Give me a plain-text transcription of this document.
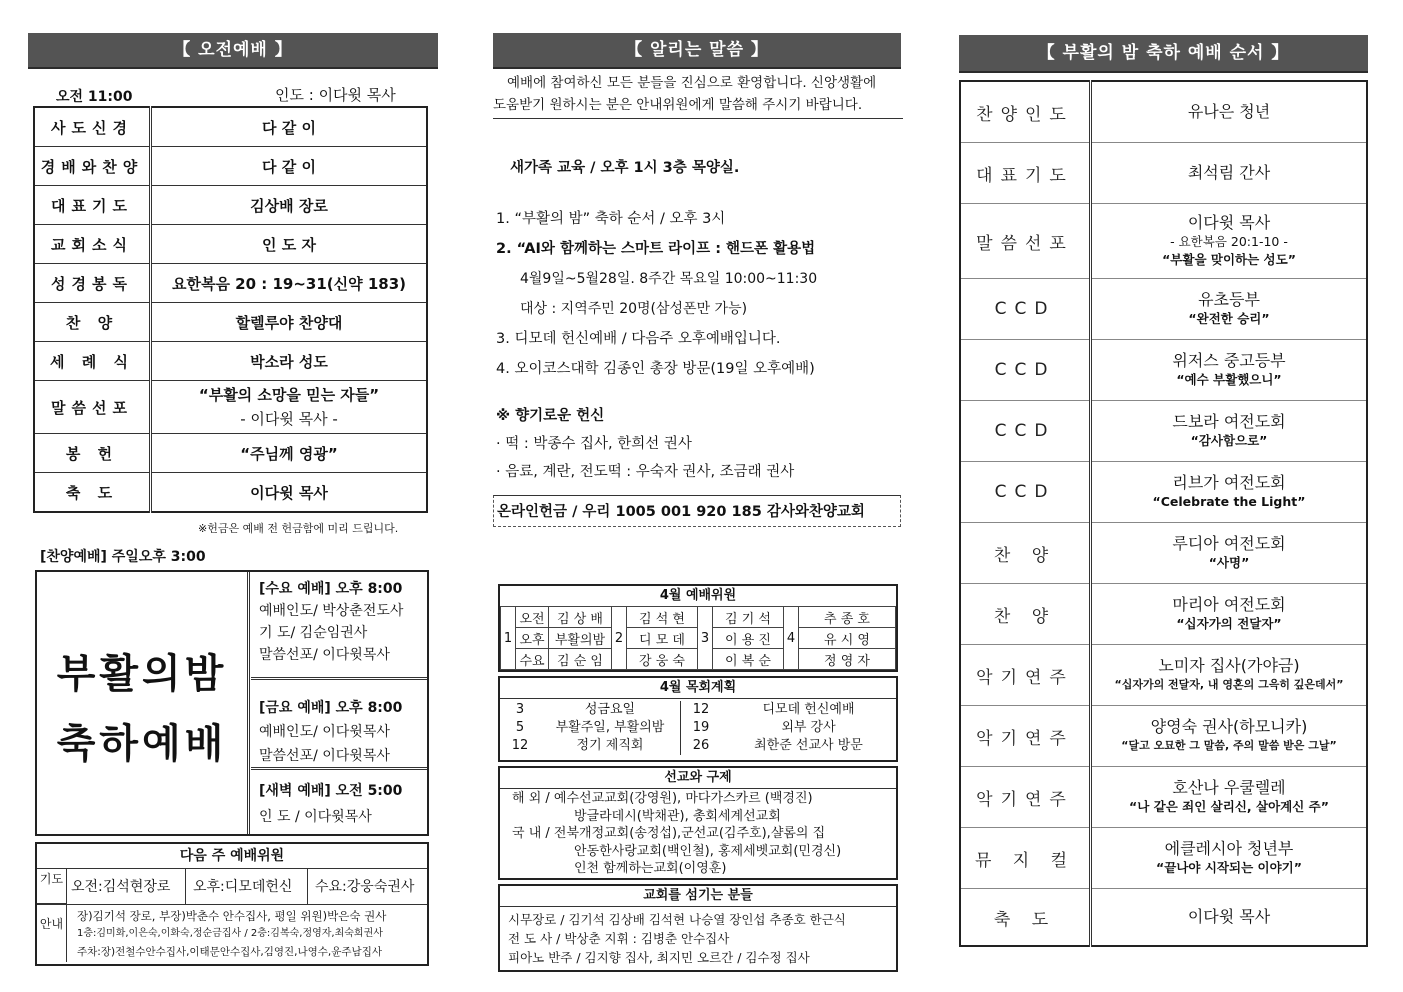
【 오전예배 】
오전 11:00	인도 : 이다윗 목사
사도신경	다 같 이
경배와찬양	다 같 이
대표기도	김상배 장로
교회소식	인 도 자
성경봉독	요한복음 20 : 19~31(신약 183)
찬 양	할렐루야 찬양대
세 례 식	박소라 성도
말씀선포	“부활의 소망을 믿는 자들”
- 이다윗 목사 -

봉 헌	“주님께 영광”
축 도	이다윗 목사
※헌금은 예배 전 헌금함에 미리 드립니다.
[찬양예배] 주일오후 3:00
부활의밤
축하예배
[수요 예배] 오후 8:00
예배인도/ 박상춘전도사
기 도/ 김순임권사
말씀선포/ 이다윗목사
[금요 예배] 오후 8:00
예배인도/ 이다윗목사
말씀선포/ 이다윗목사
[새벽 예배] 오전 5:00
인 도 / 이다윗목사
다음 주 예배위원
기도 오전:김석현장로 오후:디모데헌신 수요:강웅숙권사
안내
장)김기석 장로, 부장)박춘수 안수집사, 평일 위원)박은숙 권사
1층:김미화,이은숙,이화숙,정순금집사 / 2층:김복숙,정영자,최숙희권사
주차:장)전철수안수집사,이태문안수집사,김영진,나영수,윤주남집사
【 알리는 말씀 】

예배에 참여하신 모든 분들을 진심으로 환영합니다. 신앙생활에

도움받기 원하시는 분은 안내위원에게 말씀해 주시기 바랍니다.

새가족 교육 / 오후 1시 3층 목양실.
1. “부활의 밤” 축하 순서 / 오후 3시
2. “AI와 함께하는 스마트 라이프 : 핸드폰 활용법
4월9일~5월28일. 8주간 목요일 10:00~11:30
대상 : 지역주민 20명(삼성폰만 가능)
3. 디모데 헌신예배 / 다음주 오후예배입니다.
4. 오이코스대학 김종인 총장 방문(19일 오후예배)
※ 향기로운 헌신
· 떡 : 박종수 집사, 한희선 권사
· 음료, 계란, 전도떡 : 우숙자 권사, 조금래 권사
온라인헌금 / 우리 1005 001 920 185 감사와찬양교회
4월 예배위원
1	오전	김 상 배	2	김 석 현	3	김 기 석	4	추 종 호
	오후	부활의밤		디 모 데		이 용 진		유 시 영
	수요	김 순 임		강 웅 숙		이 복 순		정 영 자
4월 목회계획
3	성금요일	12	디모데 헌신예배
5	부활주일, 부활의밤	19	외부 강사
12	정기 제직회	26	최한준 선교사 방문
선교와 구제
해 외 / 예수선교교회(강영원), 마다가스카르 (백경진)
방글라데시(박채관), 총회세계선교회
국 내 / 전북개정교회(송정섭),군선교(김주호),샬롬의 집
안동한사랑교회(백인철), 홍제세벳교회(민경신)
인천 함께하는교회(이영훈)
교회를 섬기는 분들
시무장로 / 김기석 김상배 김석현 나승열 장인섭 추종호 한근식
전 도 사 / 박상춘 지휘 : 김병춘 안수집사
피아노 반주 / 김지향 집사, 최지민 오르간 / 김수정 집사
【 부활의 밤 축하 예배 순서 】
찬양인도	유나은 청년
대표기도	최석림 간사
말씀선포	이다윗 목사
- 요한복음 20:1-10 -
“부활을 맞이하는 성도”

CCD	유초등부
“완전한 승리”

CCD	위저스 중고등부
“예수 부활했으니”

CCD	드보라 여전도회
“감사함으로”

CCD	리브가 여전도회
“Celebrate the Light”

찬 양	루디아 여전도회
“사명”

찬 양	마리아 여전도회
“십자가의 전달자”

악기연주	노미자 집사(가야금)
“십자가의 전달자, 내 영혼의 그윽히 깊은데서”

악기연주	양영숙 권사(하모니카)
“달고 오묘한 그 말씀, 주의 말씀 받은 그날”

악기연주	호산나 우쿨렐레
“나 같은 죄인 살리신, 살아계신 주”

뮤 지 컬	에클레시아 청년부
“끝나야 시작되는 이야기”

축 도	이다윗 목사
